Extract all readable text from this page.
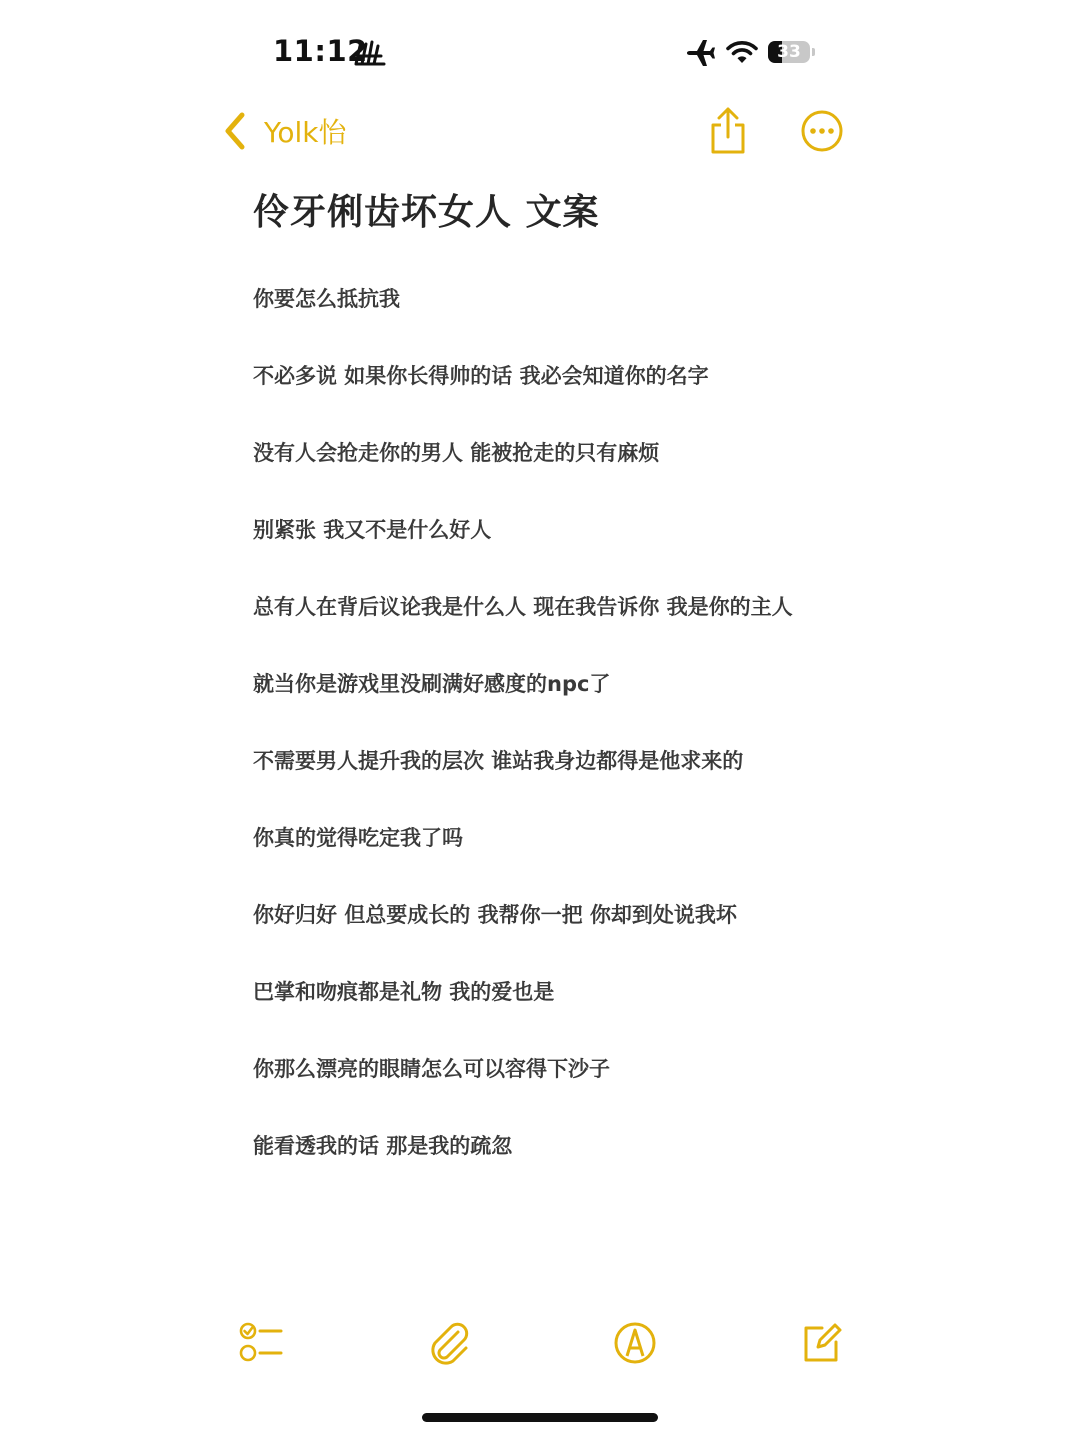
11:12	33
Yolk怡
伶牙俐齿坏女人 文案
你要怎么抵抗我
不必多说 如果你长得帅的话 我必会知道你的名字
没有人会抢走你的男人 能被抢走的只有麻烦
别紧张 我又不是什么好人
总有人在背后议论我是什么人 现在我告诉你 我是你的主人
就当你是游戏里没刷满好感度的npc了
不需要男人提升我的层次 谁站我身边都得是他求来的
你真的觉得吃定我了吗
你好归好 但总要成长的 我帮你一把 你却到处说我坏
巴掌和吻痕都是礼物 我的爱也是
你那么漂亮的眼睛怎么可以容得下沙子
能看透我的话 那是我的疏忽
